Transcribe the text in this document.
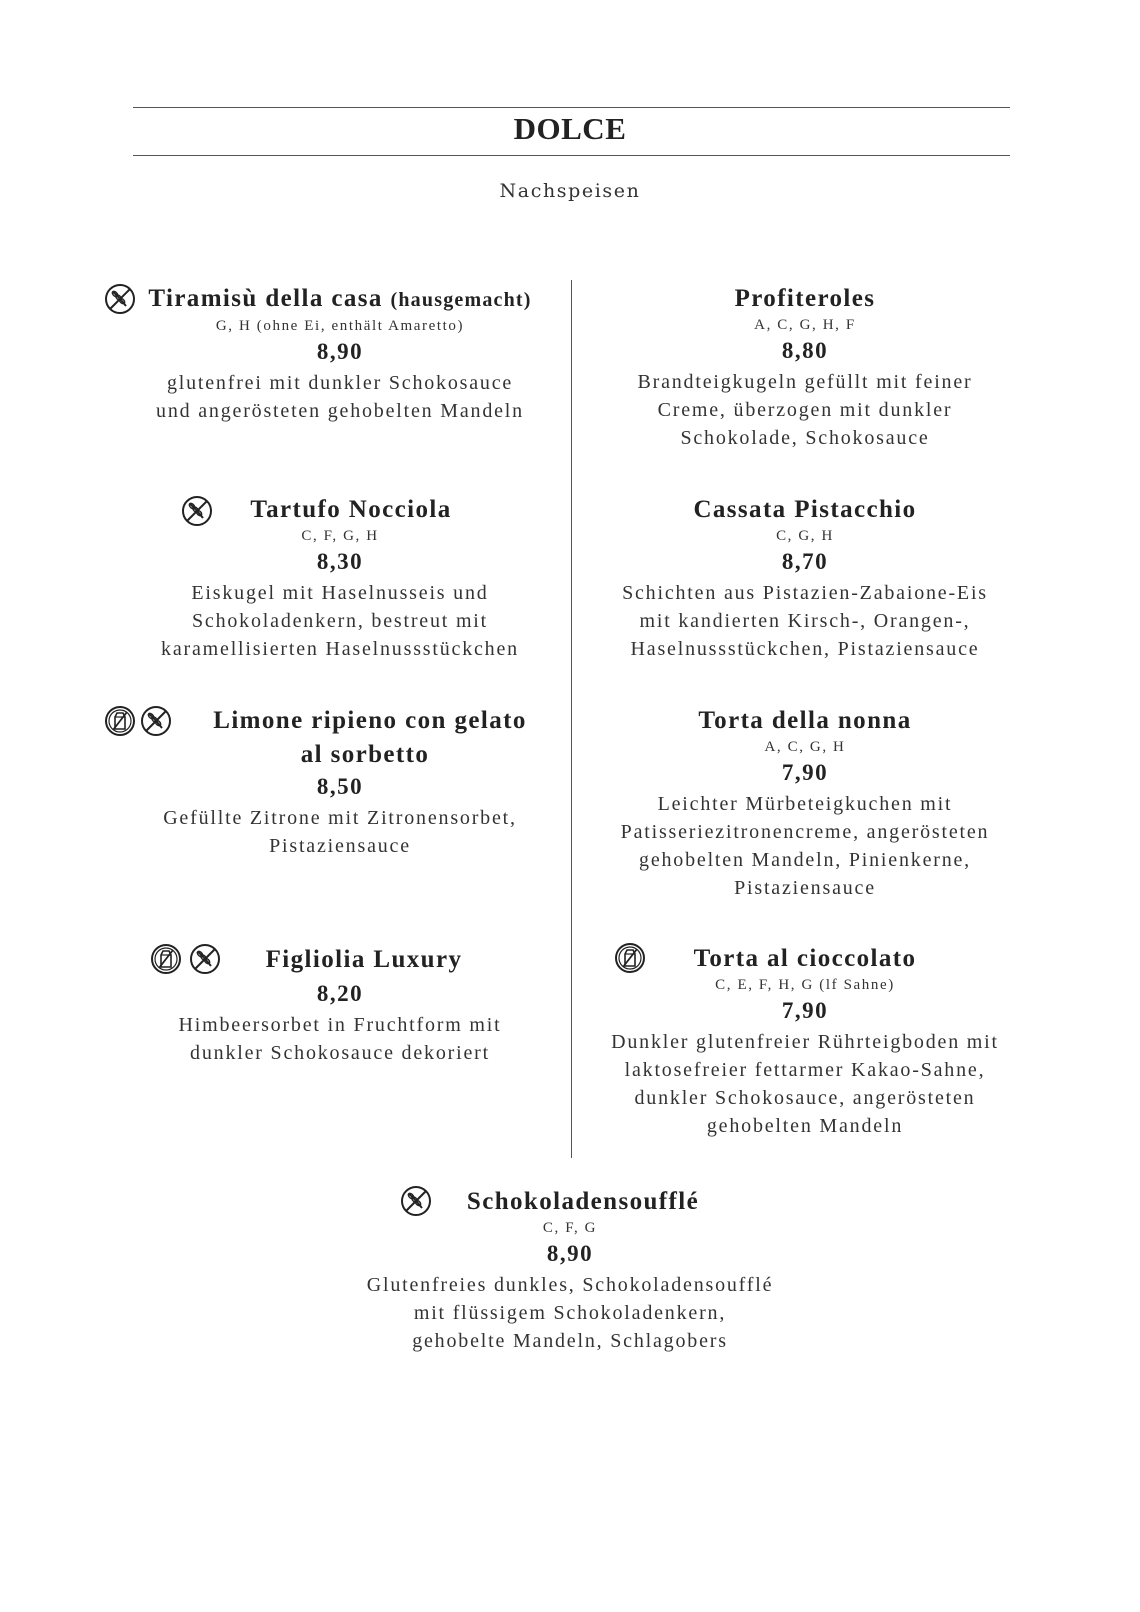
DOLCE
Nachspeisen
Tiramisù della casa (hausgemacht)
G, H (ohne Ei, enthält Amaretto)
8,90
glutenfrei mit dunkler Schokosauce
und angerösteten gehobelten Mandeln
Profiteroles
A, C, G, H, F
8,80
Brandteigkugeln gefüllt mit feiner
Creme, überzogen mit dunkler
Schokolade, Schokosauce
Tartufo Nocciola
C, F, G, H
8,30
Eiskugel mit Haselnusseis und
Schokoladenkern, bestreut mit
karamellisierten Haselnussstückchen
Cassata Pistacchio
C, G, H
8,70
Schichten aus Pistazien-Zabaione-Eis
mit kandierten Kirsch-, Orangen-,
Haselnussstückchen, Pistaziensauce
Limone ripieno con gelato
al sorbetto
8,50
Gefüllte Zitrone mit Zitronensorbet,
Pistaziensauce
Torta della nonna
A, C, G, H
7,90
Leichter Mürbeteigkuchen mit
Patisseriezitronencreme, angerösteten
gehobelten Mandeln, Pinienkerne,
Pistaziensauce
Figliolia Luxury
8,20
Himbeersorbet in Fruchtform mit
dunkler Schokosauce dekoriert
Torta al cioccolato
C, E, F, H, G (lf Sahne)
7,90
Dunkler glutenfreier Rührteigboden mit
laktosefreier fettarmer Kakao-Sahne,
dunkler Schokosauce, angerösteten
gehobelten Mandeln
Schokoladensoufflé
C, F, G
8,90
Glutenfreies dunkles, Schokoladensoufflé
mit flüssigem Schokoladenkern,
gehobelte Mandeln, Schlagobers
